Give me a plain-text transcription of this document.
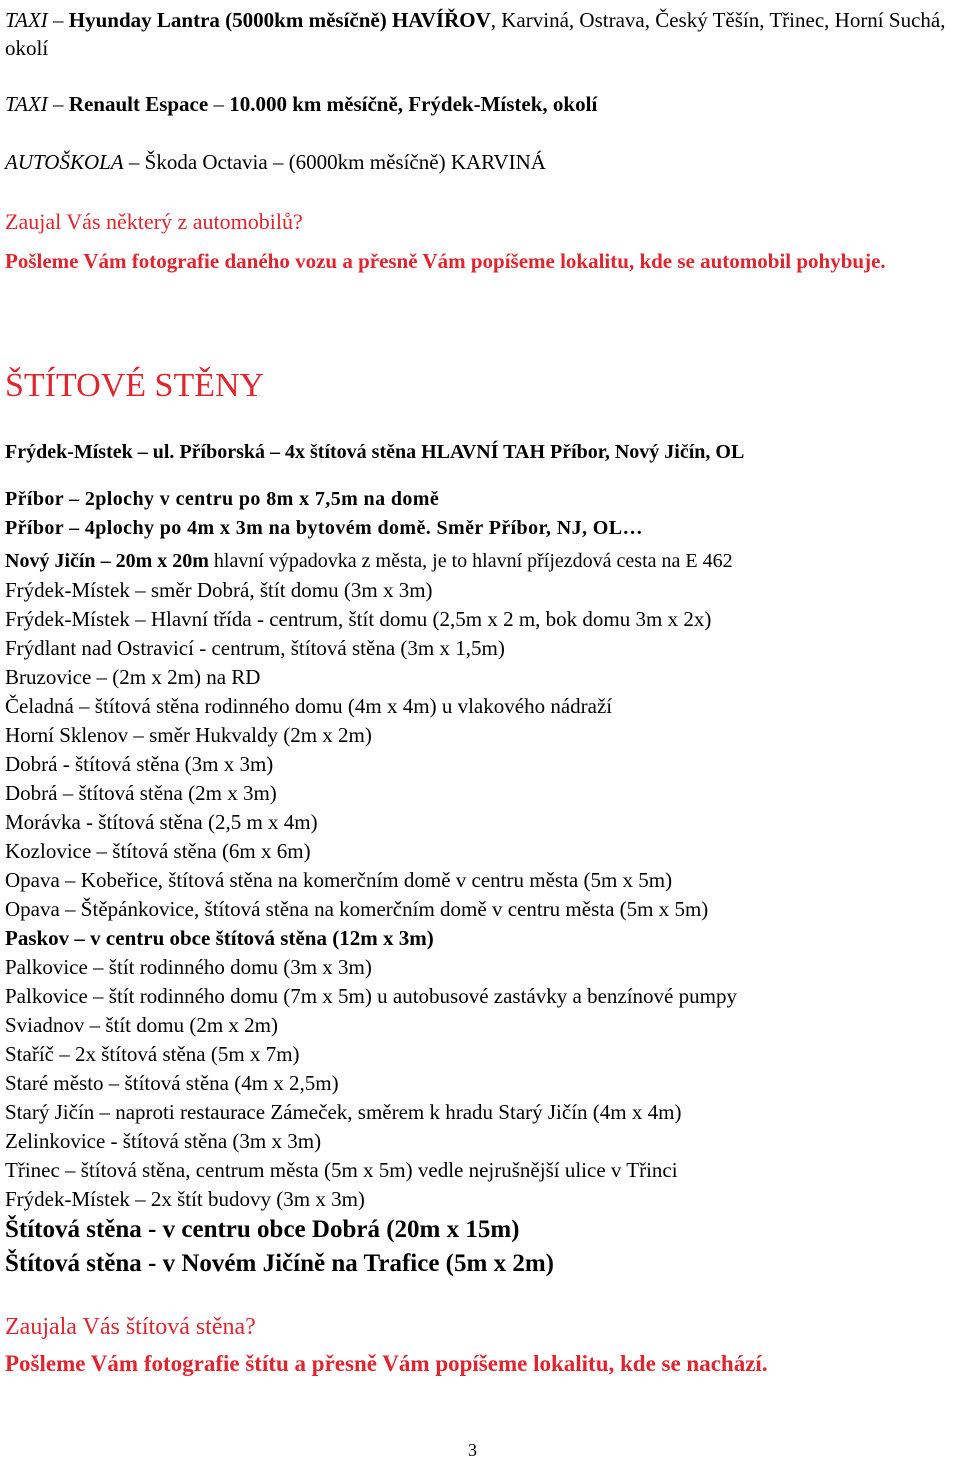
TAXI – Hyunday Lantra (5000km měsíčně) HAVÍŘOV, Karviná, Ostrava, Český Těšín, Třinec, Horní Suchá, okolí
TAXI – Renault Espace – 10.000 km měsíčně, Frýdek-Místek, okolí
AUTOŠKOLA – Škoda Octavia – (6000km měsíčně) KARVINÁ
Zaujal Vás některý z automobilů?
Pošleme Vám fotografie daného vozu a přesně Vám popíšeme lokalitu, kde se automobil pohybuje.
ŠTÍTOVÉ STĚNY
Frýdek-Místek – ul. Příborská – 4x štítová stěna HLAVNÍ TAH Příbor, Nový Jičín, OL
Příbor – 2plochy v centru po 8m x 7,5m na domě
Příbor – 4plochy po 4m x 3m na bytovém domě. Směr Příbor, NJ, OL…
Nový Jičín – 20m x 20m hlavní výpadovka z města, je to hlavní příjezdová cesta na E 462
Frýdek-Místek – směr Dobrá, štít domu (3m x 3m)
Frýdek-Místek – Hlavní třída - centrum, štít domu (2,5m x 2 m, bok domu 3m x 2x)
Frýdlant nad Ostravicí - centrum, štítová stěna (3m x 1,5m)
Bruzovice – (2m x 2m) na RD
Čeladná – štítová stěna rodinného domu (4m x 4m) u vlakového nádraží
Horní Sklenov – směr Hukvaldy (2m x 2m)
Dobrá - štítová stěna (3m x 3m)
Dobrá – štítová stěna (2m x 3m)
Morávka - štítová stěna (2,5 m x 4m)
Kozlovice – štítová stěna (6m x 6m)
Opava – Kobeřice, štítová stěna na komerčním domě v centru města (5m x 5m)
Opava – Štěpánkovice, štítová stěna na komerčním domě v centru města (5m x 5m)
Paskov – v centru obce štítová stěna (12m x 3m)
Palkovice – štít rodinného domu (3m x 3m)
Palkovice – štít rodinného domu (7m x 5m) u autobusové zastávky a benzínové pumpy
Sviadnov – štít domu (2m x 2m)
Staříč – 2x štítová stěna (5m x 7m)
Staré město – štítová stěna (4m x 2,5m)
Starý Jičín – naproti restaurace Zámeček, směrem k hradu Starý Jičín (4m x 4m)
Zelinkovice - štítová stěna (3m x 3m)
Třinec – štítová stěna, centrum města (5m x 5m) vedle nejrušnější ulice v Třinci
Frýdek-Místek – 2x štít budovy (3m x 3m)
Štítová stěna - v centru obce Dobrá (20m x 15m)
Štítová stěna - v Novém Jičíně na Trafice (5m x 2m)
Zaujala Vás štítová stěna?
Pošleme Vám fotografie štítu a přesně Vám popíšeme lokalitu, kde se nachází.
3
